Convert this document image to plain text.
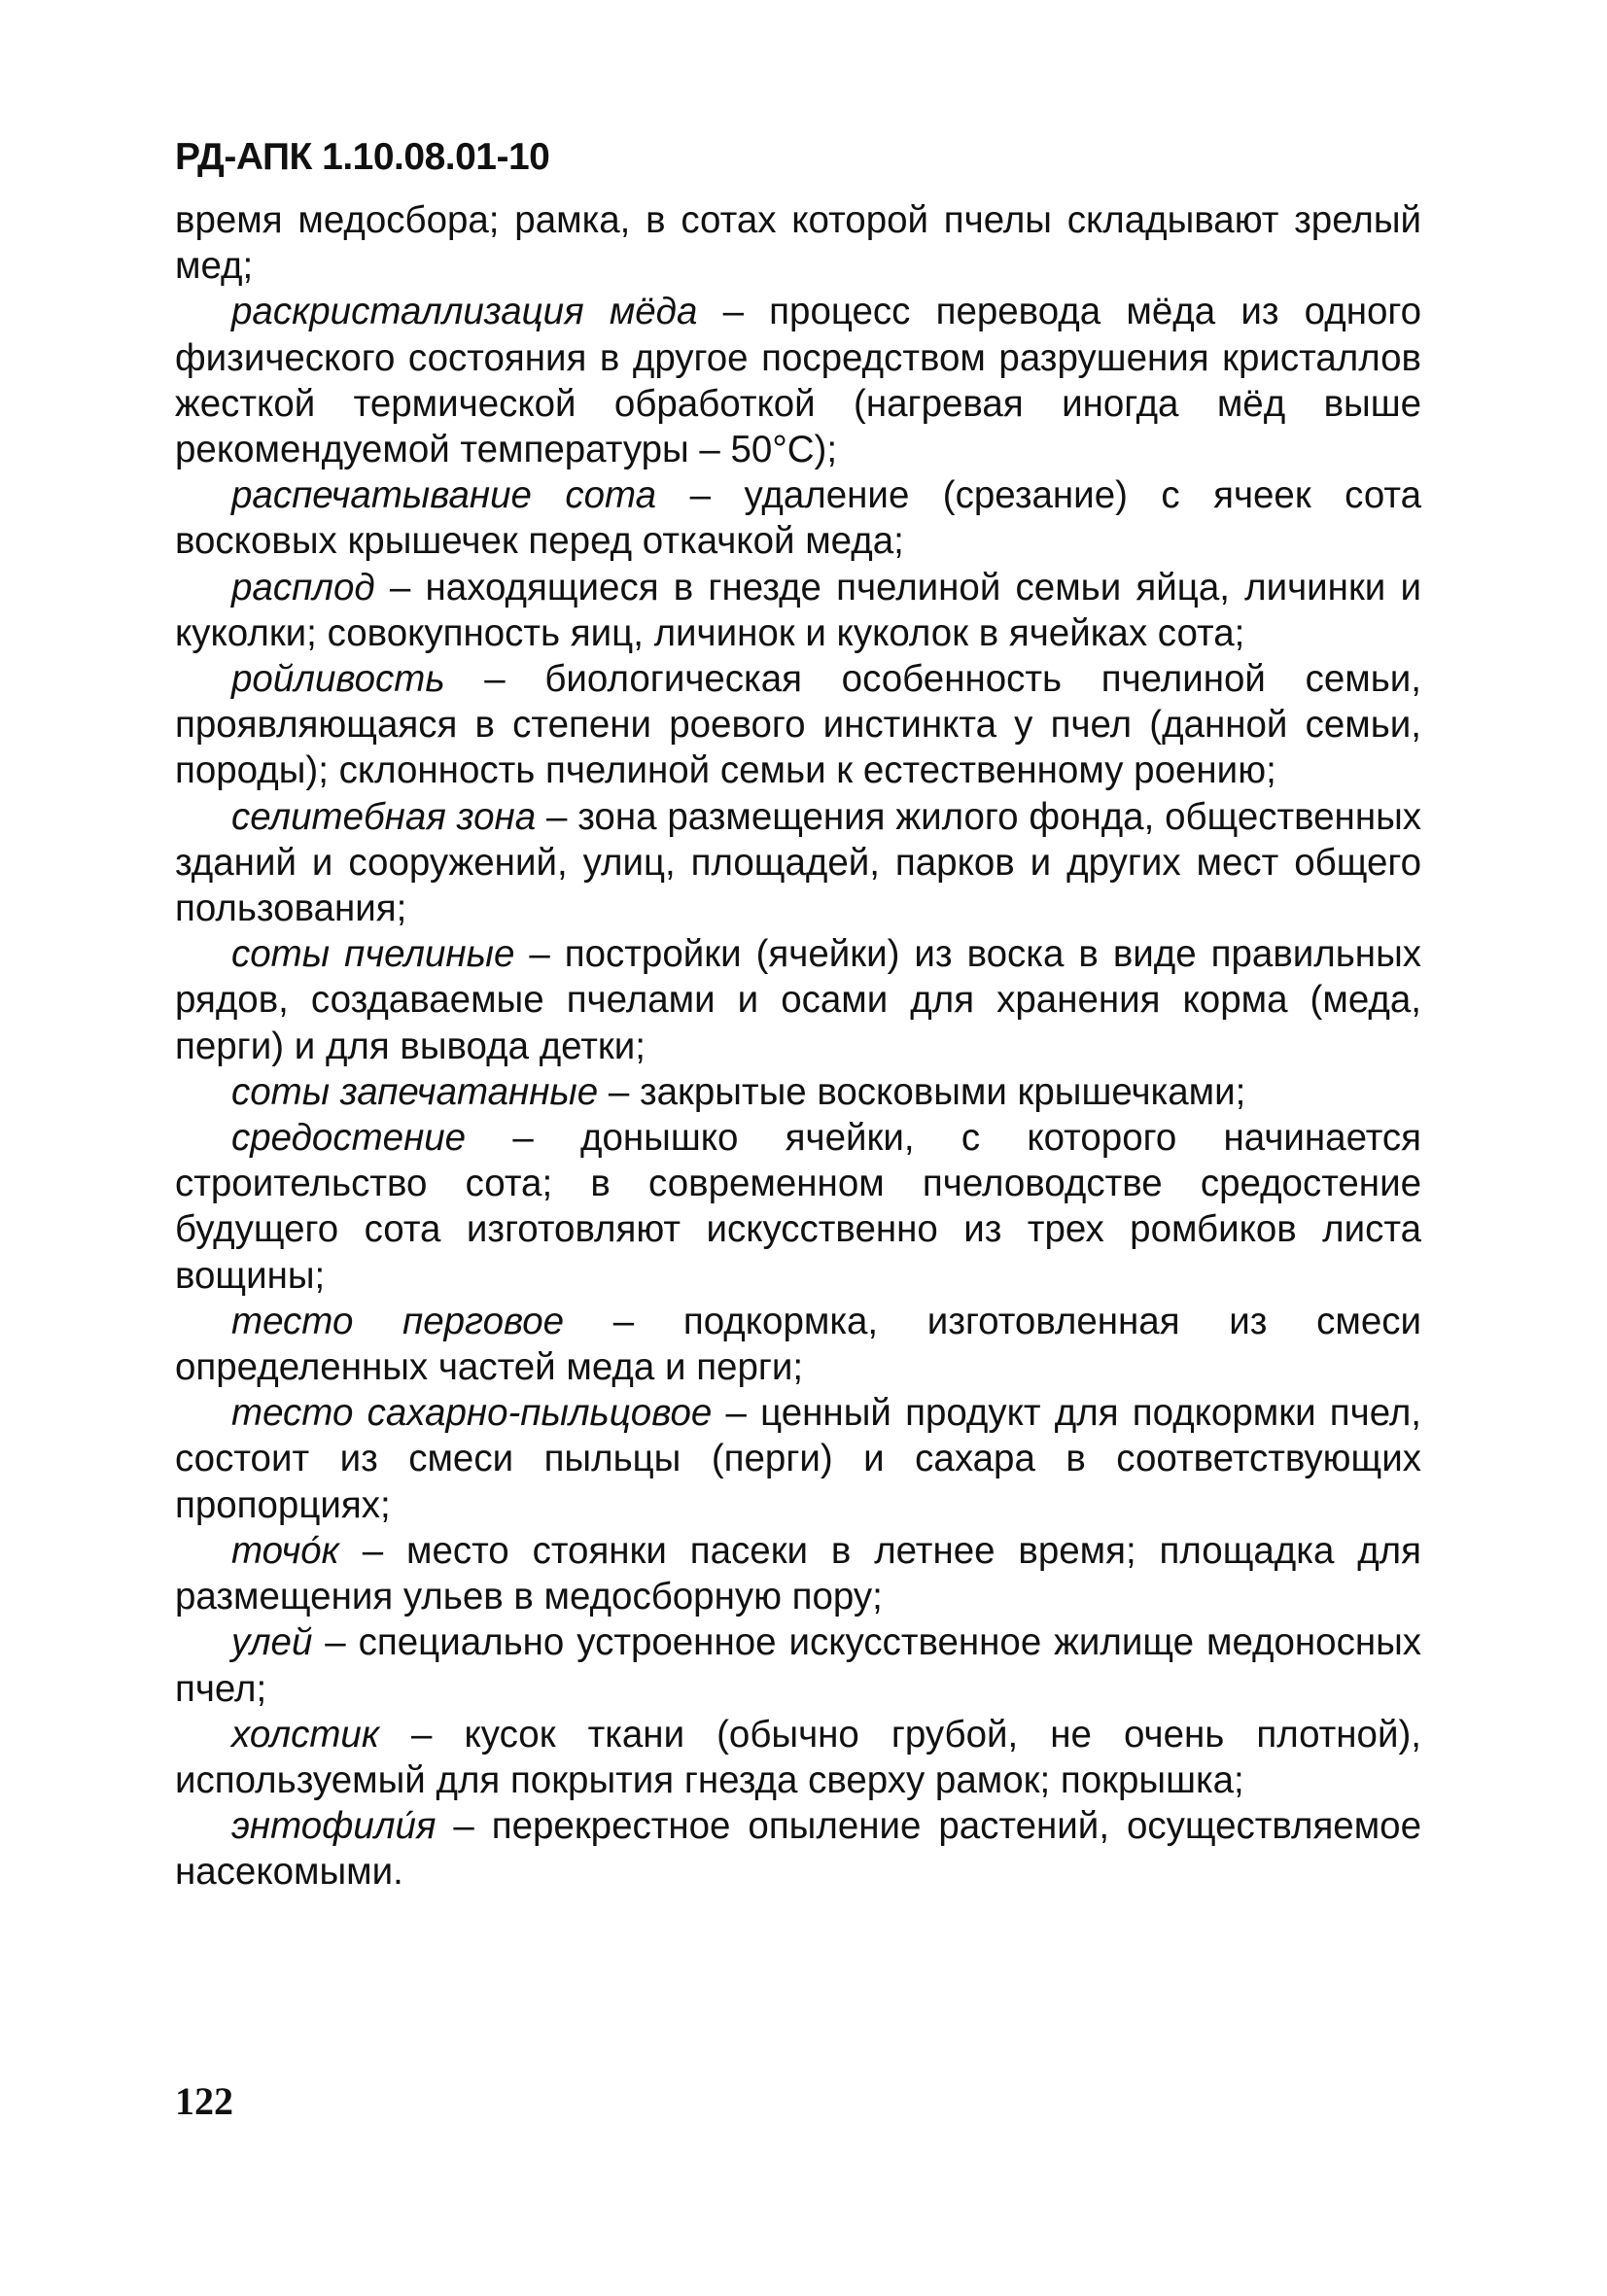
РД-АПК 1.10.08.01-10

время медосбора; рамка, в сотах которой пчелы складывают зрелый мед;

раскристаллизация мёда – процесс перевода мёда из одного физического состояния в другое посредством разрушения кристаллов жесткой термической обработкой (нагревая иногда мёд выше рекомендуемой температуры – 50°С);

распечатывание сота – удаление (срезание) с ячеек сота восковых крышечек перед откачкой меда;

расплод – находящиеся в гнезде пчелиной семьи яйца, личинки и куколки; совокупность яиц, личинок и куколок в ячейках сота;

ройливость – биологическая особенность пчелиной семьи, проявляющаяся в степени роевого инстинкта у пчел (данной семьи, породы); склонность пчелиной семьи к естественному роению;

селитебная зона – зона размещения жилого фонда, общественных зданий и сооружений, улиц, площадей, парков и других мест общего пользования;

соты пчелиные – постройки (ячейки) из воска в виде правильных рядов, создаваемые пчелами и осами для хранения корма (меда, перги) и для вывода детки;

соты запечатанные – закрытые восковыми крышечками;

средостение – донышко ячейки, с которого начинается строительство сота; в современном пчеловодстве средостение будущего сота изготовляют искусственно из трех ромбиков листа вощины;

тесто перговое – подкормка, изготовленная из смеси определенных частей меда и перги;

тесто сахарно-пыльцовое – ценный продукт для подкормки пчел, состоит из смеси пыльцы (перги) и сахара в соответствующих пропорциях;

точо́к – место стоянки пасеки в летнее время; площадка для размещения ульев в медосборную пору;

улей – специально устроенное искусственное жилище медоносных пчел;

холстик – кусок ткани (обычно грубой, не очень плотной), используемый для покрытия гнезда сверху рамок; покрышка;

энтофили́я – перекрестное опыление растений, осуществляемое насекомыми.

122
